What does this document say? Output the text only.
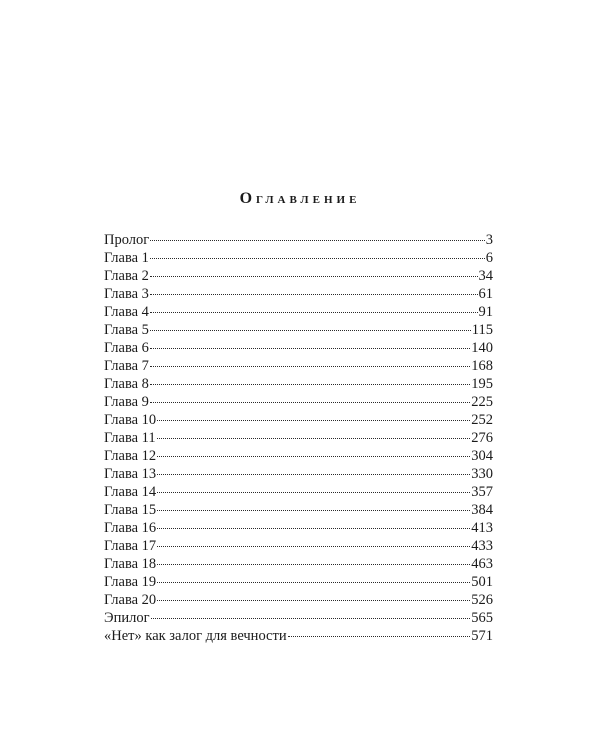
Оглавление
Пролог	3
Глава 1	6
Глава 2	34
Глава 3	61
Глава 4	91
Глава 5	115
Глава 6	140
Глава 7	168
Глава 8	195
Глава 9	225
Глава 10	252
Глава 11	276
Глава 12	304
Глава 13	330
Глава 14	357
Глава 15	384
Глава 16	413
Глава 17	433
Глава 18	463
Глава 19	501
Глава 20	526
Эпилог	565
«Нет» как залог для вечности	571
